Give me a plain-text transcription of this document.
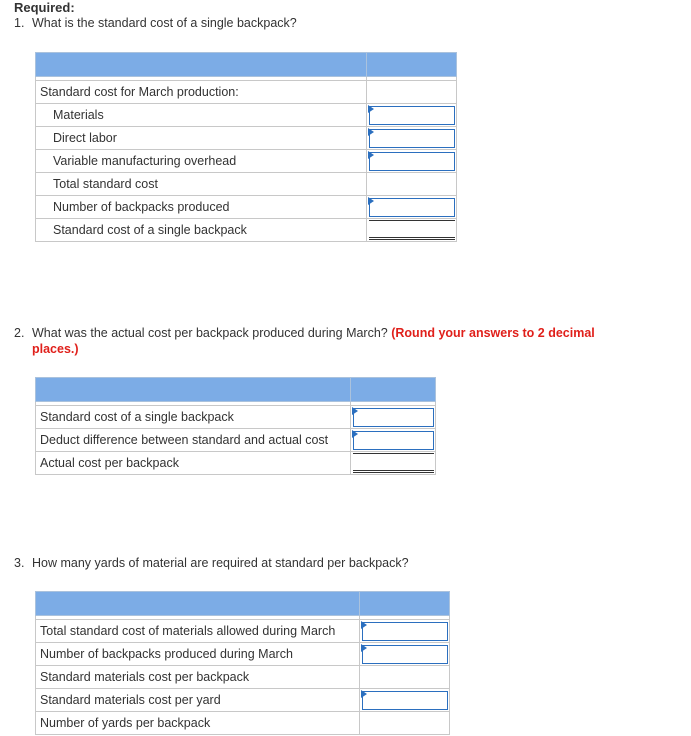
Required:
1. What is the standard cost of a single backpack?

Standard cost for March production:	
Materials	

Direct labor	

Variable manufacturing overhead	

Total standard cost	
Number of backpacks produced	

Standard cost of a single backpack	
2. What was the actual cost per backpack produced during March? (Round your answers to 2 decimal
places.)

Standard cost of a single backpack	

Deduct difference between standard and actual cost	

Actual cost per backpack	
3. How many yards of material are required at standard per backpack?

Total standard cost of materials allowed during March	

Number of backpacks produced during March	

Standard materials cost per backpack	
Standard materials cost per yard	

Number of yards per backpack	
